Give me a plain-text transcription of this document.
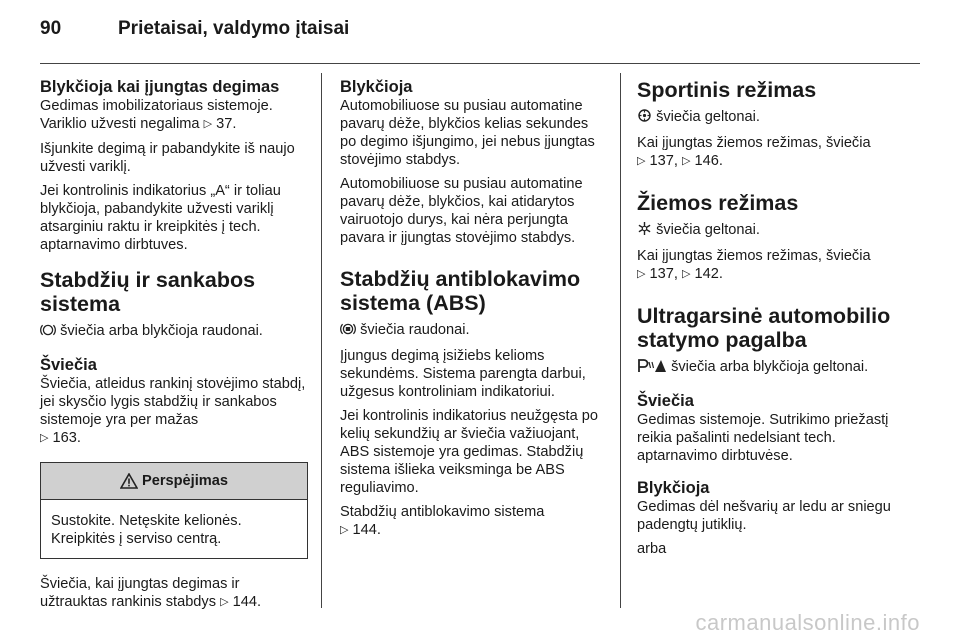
90	Prietaisai, valdymo įtaisai

Blykčioja kai įjungtas degimas

Gedimas imobilizatoriaus sistemoje. Variklio užvesti negalima ▷ 37.

Išjunkite degimą ir pabandykite iš naujo užvesti variklį.

Jei kontrolinis indikatorius „A“ ir toliau blykčioja, pabandykite užvesti variklį atsarginiu raktu ir kreipkitės į tech. aptarnavimo dirbtuves.

Stabdžių ir sankabos sistema

šviečia arba blykčioja raudonai.

Šviečia

Šviečia, atleidus rankinį stovėjimo stabdį, jei skysčio lygis stabdžių ir sankabos sistemoje yra per mažas
▷ 163.

Perspėjimas

Sustokite. Netęskite kelionės. Kreipkitės į serviso centrą.

Šviečia, kai įjungtas degimas ir užtrauktas rankinis stabdys ▷ 144.

Blykčioja

Automobiliuose su pusiau automatine pavarų dėže, blykčios kelias sekundes po degimo išjungimo, jei nebus įjungtas stovėjimo stabdys.

Automobiliuose su pusiau automatine pavarų dėže, blykčios, kai atidarytos vairuotojo durys, kai nėra perjungta pavara ir įjungtas stovėjimo stabdys.

Stabdžių antiblokavimo sistema (ABS)

šviečia raudonai.

Įjungus degimą įsižiebs kelioms sekundėms. Sistema parengta darbui, užgesus kontroliniam indikatoriui.

Jei kontrolinis indikatorius neužgęsta po kelių sekundžių ar šviečia važiuojant, ABS sistemoje yra gedimas. Stabdžių sistema išlieka veiksminga be ABS reguliavimo.

Stabdžių antiblokavimo sistema
▷ 144.

Sportinis režimas

šviečia geltonai.

Kai įjungtas žiemos režimas, šviečia
▷ 137, ▷ 146.

Žiemos režimas

šviečia geltonai.

Kai įjungtas žiemos režimas, šviečia
▷ 137, ▷ 142.

Ultragarsinė automobilio statymo pagalba

šviečia arba blykčioja geltonai.

Šviečia

Gedimas sistemoje. Sutrikimo priežastį reikia pašalinti nedelsiant tech. aptarnavimo dirbtuvėse.

Blykčioja

Gedimas dėl nešvarių ar ledu ar sniegu padengtų jutiklių.

arba

carmanualsonline.info
